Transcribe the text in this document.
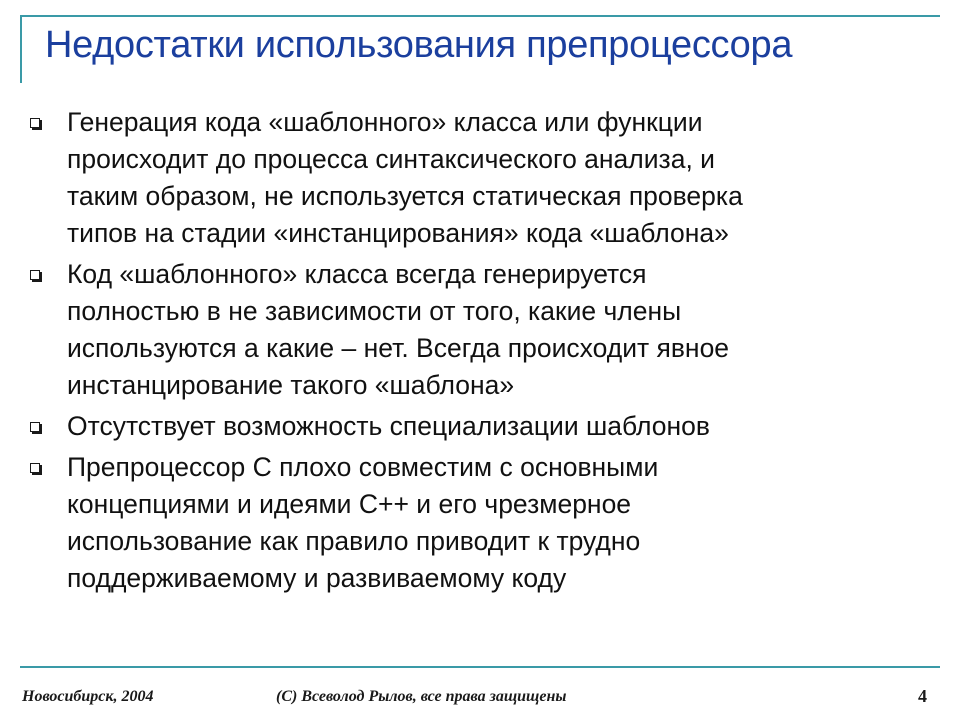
Недостатки использования препроцессора
Генерация кода «шаблонного» класса или функции
происходит до процесса синтаксического анализа, и
таким образом, не используется статическая проверка
типов на стадии «инстанцирования» кода «шаблона»
Код «шаблонного» класса всегда генерируется
полностью в не зависимости от того, какие члены
используются а какие – нет. Всегда происходит явное
инстанцирование такого «шаблона»
Отсутствует возможность специализации шаблонов
Препроцессор С плохо совместим с основными
концепциями и идеями С++ и его чрезмерное
использование как правило приводит к трудно
поддерживаемому и развиваемому коду
Новосибирск, 2004	(С) Всеволод Рылов, все права защищены	4
